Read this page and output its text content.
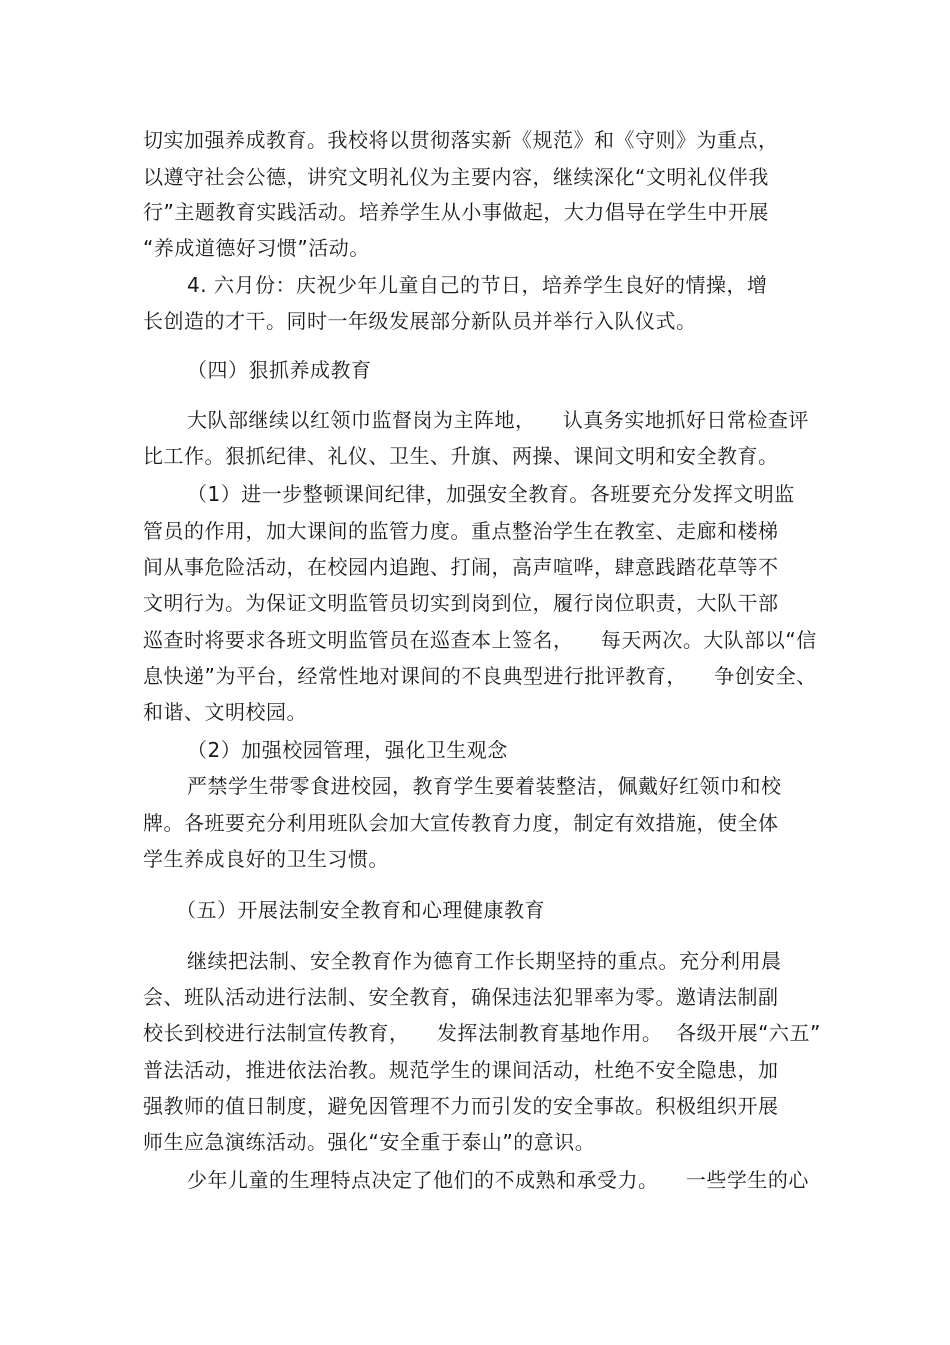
切实加强养成教育。我校将以贯彻落实新《规范》和《守则》为重点，
以遵守社会公德，讲究文明礼仪为主要内容，继续深化“文明礼仪伴我
行”主题教育实践活动。培养学生从小事做起，大力倡导在学生中开展
“养成道德好习惯”活动。
4. 六月份：庆祝少年儿童自己的节日，培养学生良好的情操，增
长创造的才干。同时一年级发展部分新队员并举行入队仪式。
（四）狠抓养成教育
大队部继续以红领巾监督岗为主阵地，    认真务实地抓好日常检查评
比工作。狠抓纪律、礼仪、卫生、升旗、两操、课间文明和安全教育。
（1）进一步整顿课间纪律，加强安全教育。各班要充分发挥文明监
管员的作用，加大课间的监管力度。重点整治学生在教室、走廊和楼梯
间从事危险活动，在校园内追跑、打闹，高声喧哗，肆意践踏花草等不
文明行为。为保证文明监管员切实到岗到位，履行岗位职责，大队干部
巡查时将要求各班文明监管员在巡查本上签名，    每天两次。大队部以“信
息快递”为平台，经常性地对课间的不良典型进行批评教育，    争创安全、
和谐、文明校园。
（2）加强校园管理，强化卫生观念
严禁学生带零食进校园，教育学生要着装整洁，佩戴好红领巾和校
牌。各班要充分利用班队会加大宣传教育力度，制定有效措施，使全体
学生养成良好的卫生习惯。
（五）开展法制安全教育和心理健康教育
继续把法制、安全教育作为德育工作长期坚持的重点。充分利用晨
会、班队活动进行法制、安全教育，确保违法犯罪率为零。邀请法制副
校长到校进行法制宣传教育，    发挥法制教育基地作用。  各级开展“六五”
普法活动，推进依法治教。规范学生的课间活动，杜绝不安全隐患，加
强教师的值日制度，避免因管理不力而引发的安全事故。积极组织开展
师生应急演练活动。强化“安全重于泰山”的意识。
少年儿童的生理特点决定了他们的不成熟和承受力。    一些学生的心
